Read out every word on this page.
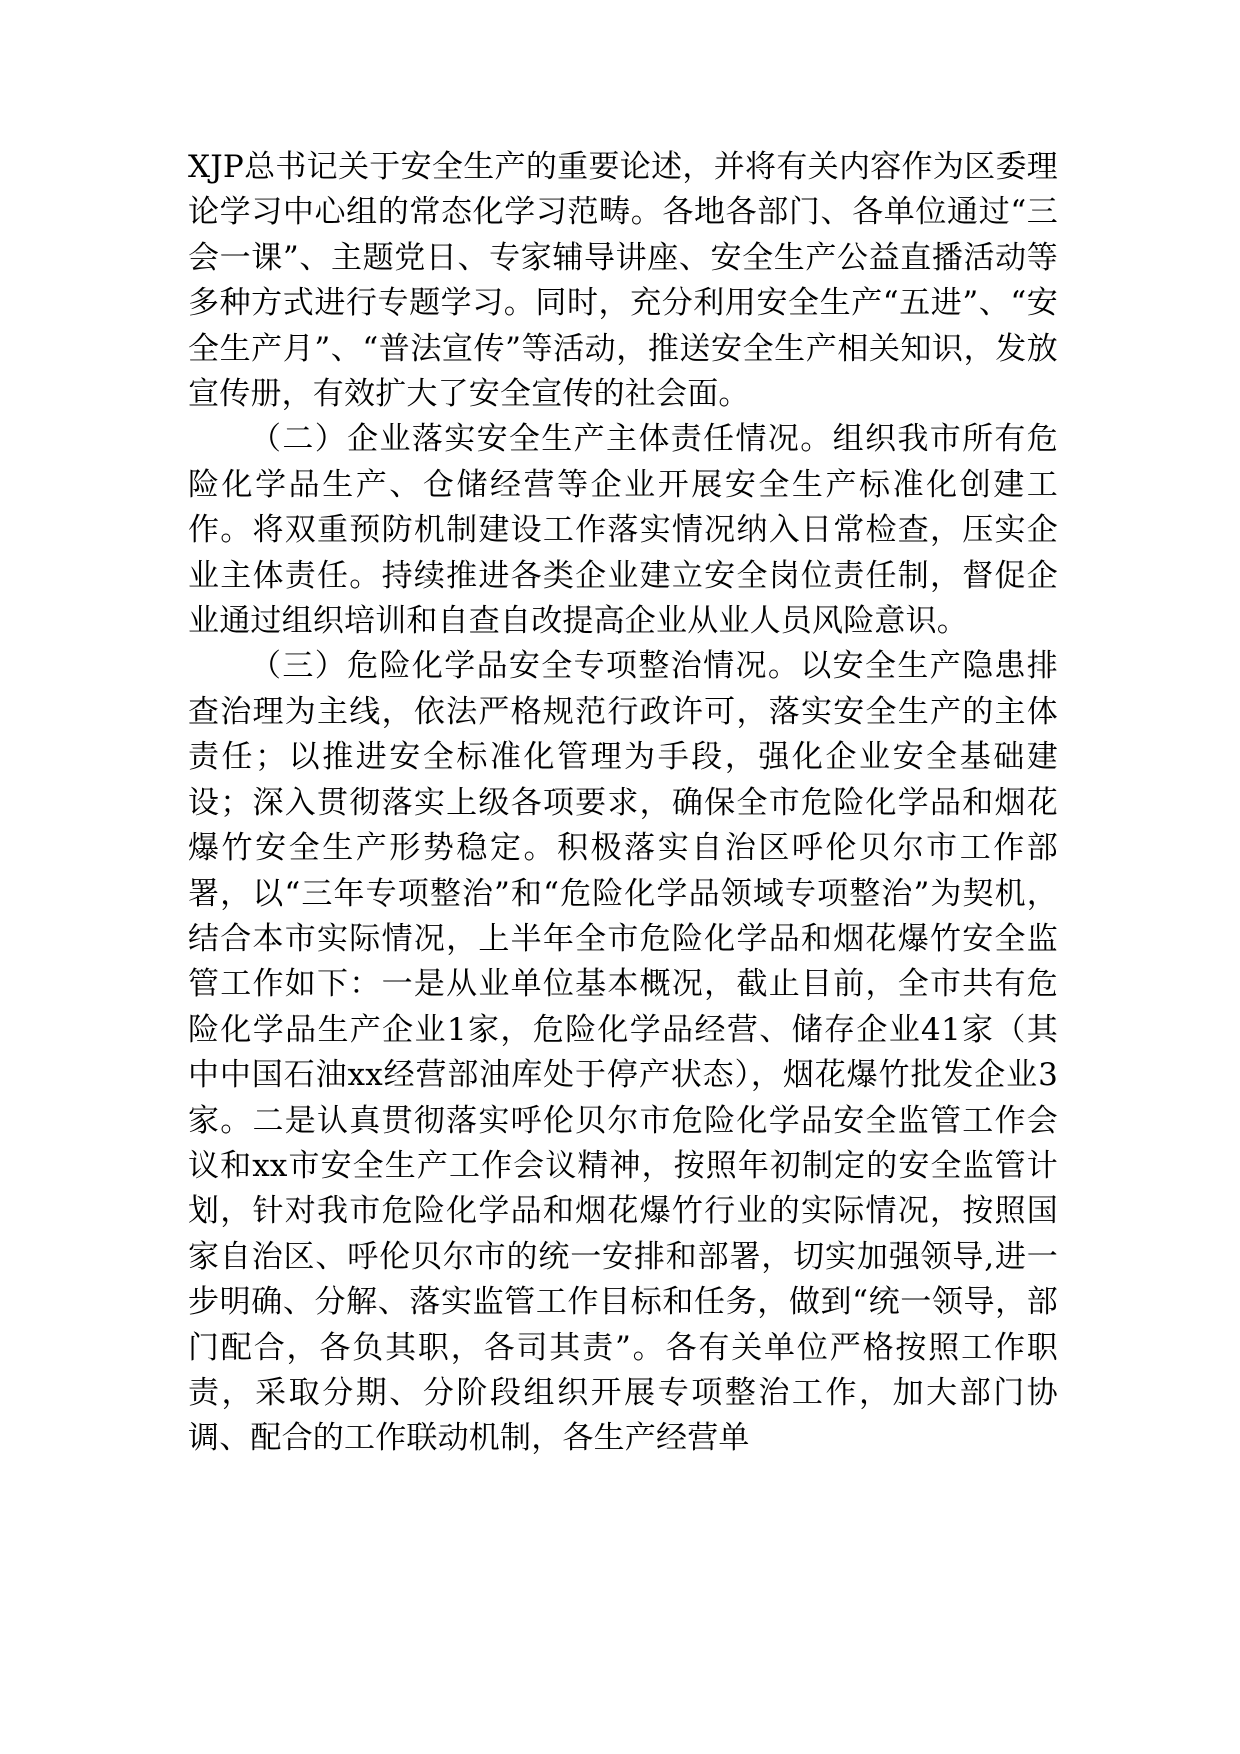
XJP总书记关于安全生产的重要论述，并将有关内容作为区委理论学习中心组的常态化学习范畴。各地各部门、各单位通过“三会一课”、主题党日、专家辅导讲座、安全生产公益直播活动等多种方式进行专题学习。同时，充分利用安全生产“五进”、“安全生产月”、“普法宣传”等活动，推送安全生产相关知识，发放宣传册，有效扩大了安全宣传的社会面。

（二）企业落实安全生产主体责任情况。组织我市所有危险化学品生产、仓储经营等企业开展安全生产标准化创建工作。将双重预防机制建设工作落实情况纳入日常检查，压实企业主体责任。持续推进各类企业建立安全岗位责任制，督促企业通过组织培训和自查自改提高企业从业人员风险意识。

（三）危险化学品安全专项整治情况。以安全生产隐患排查治理为主线，依法严格规范行政许可，落实安全生产的主体责任；以推进安全标准化管理为手段，强化企业安全基础建设；深入贯彻落实上级各项要求，确保全市危险化学品和烟花爆竹安全生产形势稳定。积极落实自治区呼伦贝尔市工作部署，以“三年专项整治”和“危险化学品领域专项整治”为契机，结合本市实际情况，上半年全市危险化学品和烟花爆竹安全监管工作如下：一是从业单位基本概况，截止目前，全市共有危险化学品生产企业1家，危险化学品经营、储存企业41家（其中中国石油xx经营部油库处于停产状态），烟花爆竹批发企业3家。二是认真贯彻落实呼伦贝尔市危险化学品安全监管工作会议和xx市安全生产工作会议精神，按照年初制定的安全监管计划，针对我市危险化学品和烟花爆竹行业的实际情况，按照国家自治区、呼伦贝尔市的统一安排和部署，切实加强领导,进一步明确、分解、落实监管工作目标和任务，做到“统一领导，部门配合，各负其职，各司其责”。各有关单位严格按照工作职责，采取分期、分阶段组织开展专项整治工作，加大部门协调、配合的工作联动机制，各生产经营单
